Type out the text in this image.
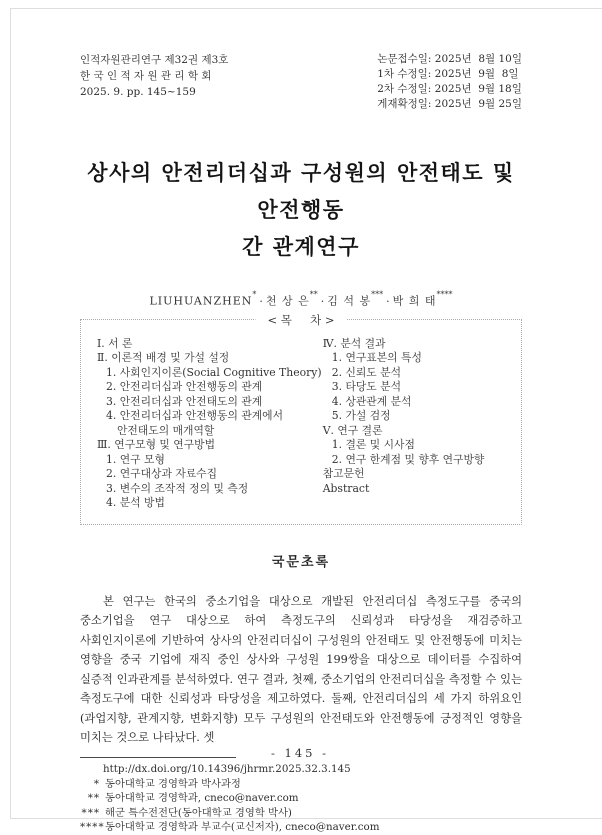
인적자원관리연구 제32권 제3호
한 국 인 적 자 원 관 리 학 회
2025. 9. pp. 145~159
논문접수일: 2025년  8월 10일
1차 수정일: 2025년  9월  8일
2차 수정일: 2025년  9월 18일
게재확정일: 2025년  9월 25일
상사의 안전리더십과 구성원의 안전태도 및 안전행동
간 관계연구
LIUHUANZHEN*· 천 상 은**· 김 석 봉***· 박 희 태****
< 목     차 >
Ⅰ. 서 론
Ⅱ. 이론적 배경 및 가설 설정
1. 사회인지이론(Social Cognitive Theory)
2. 안전리더십과 안전행동의 관계
3. 안전리더십과 안전태도의 관계
4. 안전리더십과 안전행동의 관계에서
안전태도의 매개역할
Ⅲ. 연구모형 및 연구방법
1. 연구 모형
2. 연구대상과 자료수집
3. 변수의 조작적 정의 및 측정
4. 분석 방법
Ⅳ. 분석 결과
1. 연구표본의 특성
2. 신뢰도 분석
3. 타당도 분석
4. 상관관계 분석
5. 가설 검정
Ⅴ. 연구 결론
1. 결론 및 시사점
2. 연구 한계점 및 향후 연구방향
참고문헌
Abstract
국문초록
본 연구는 한국의 중소기업을 대상으로 개발된 안전리더십 측정도구를 중국의 중소기업을 연구 대상으로 하여 측정도구의 신뢰성과 타당성을 재검증하고 사회인지이론에 기반하여 상사의 안전리더십이 구성원의 안전태도 및 안전행동에 미치는 영향을 중국 기업에 재직 중인 상사와 구성원 199쌍을 대상으로 데이터를 수집하여 실증적 인과관계를 분석하였다. 연구 결과, 첫째, 중소기업의 안전리더십을 측정할 수 있는 측정도구에 대한 신뢰성과 타당성을 제고하였다. 둘째, 안전리더십의 세 가지 하위요인(과업지향, 관계지향, 변화지향) 모두 구성원의 안전태도와 안전행동에 긍정적인 영향을 미치는 것으로 나타났다. 셋
http://dx.doi.org/10.14396/jhrmr.2025.32.3.145
* 동아대학교 경영학과 박사과정
** 동아대학교 경영학과, cneco@naver.com
*** 해군 특수전전단(동아대학교 경영학 박사)
**** 동아대학교 경영학과 부교수(교신저자), cneco@naver.com
- 145 -
